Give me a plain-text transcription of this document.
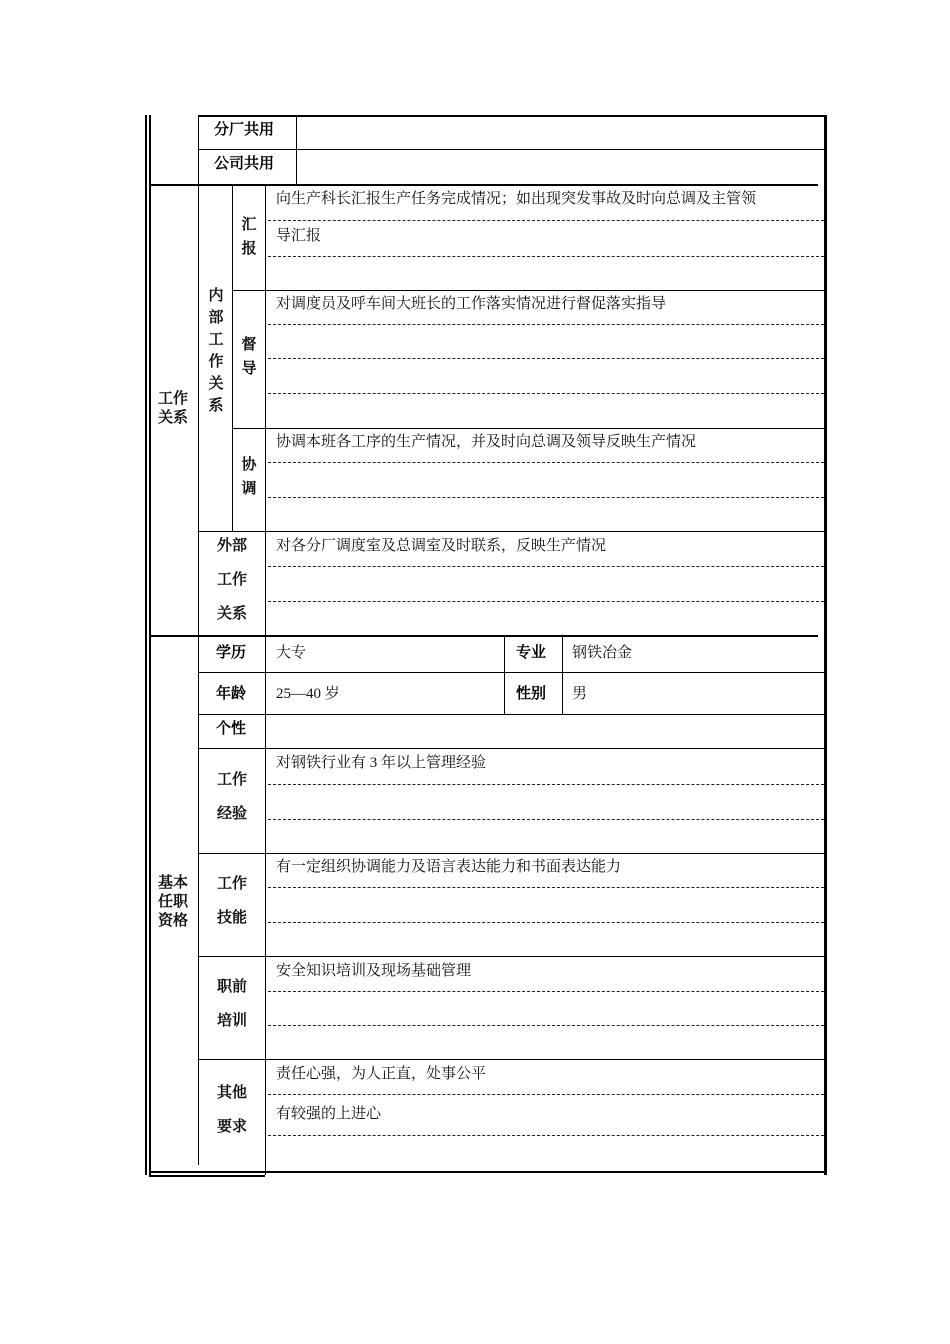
分厂共用
公司共用
工作
关系
内
部
工
作
关
系
汇
报
向生产科长汇报生产任务完成情况；如出现突发事故及时向总调及主管领
导汇报
督
导
对调度员及呼车间大班长的工作落实情况进行督促落实指导
协
调
协调本班各工序的生产情况，并及时向总调及领导反映生产情况
外部
工作
关系
对各分厂调度室及总调室及时联系，反映生产情况
基本
任职
资格
学历 大专	专业 钢铁冶金
年龄 25—40 岁	性别 男
个性
工作
经验
对钢铁行业有 3 年以上管理经验
工作
技能
有一定组织协调能力及语言表达能力和书面表达能力
职前
培训
安全知识培训及现场基础管理
其他
要求
责任心强，为人正直，处事公平
有较强的上进心
